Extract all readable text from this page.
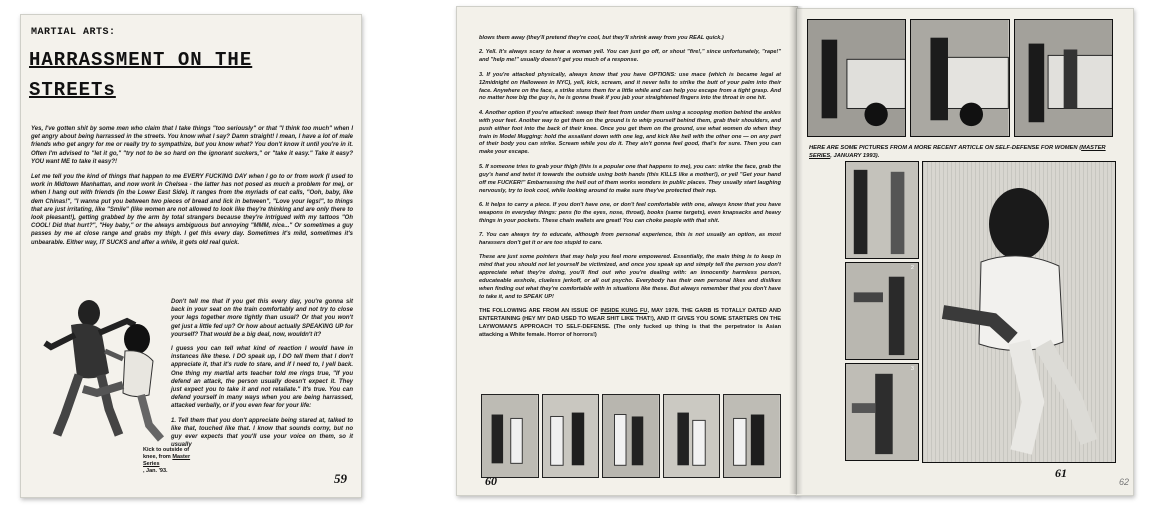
MARTIAL ARTS:
HARRASSMENT ON THE
STREETs

Yes, I've gotten shit by some men who claim that I take things "too seriously" or that "I think too much" when I get angry about being harrassed in the streets. You know what I say? Damn straight! I mean, I have a lot of male friends who get angry for me or really try to sympathize, but you know what? You don't know it until you're in it. Often I'm advised to "let it go," "try not to be so hard on the ignorant suckers," or "take it easy." Take it easy? YOU want ME to take it easy?!

Let me tell you the kind of things that happen to me EVERY FUCKING DAY when I go to or from work (I used to work in Midtown Manhattan, and now work in Chelsea - the latter has not posed as much a problem for me), or when I hang out with friends (in the Lower East Side). It ranges from the myriads of cat calls, "Ooh, baby, like dem Chinas!", "I wanna put you between two pieces of bread and lick in between", "Love your legs!", to things that are just irritating, like "Smile" (like women are not allowed to look like they're thinking and are only there to look pleasant!), getting grabbed by the arm by total strangers because they're intrigued with my tattoos "Oh COOL! Did that hurt?", "Hey baby," or the always ambiguous but annoying "MMM, nice..." Or sometimes a guy passes by me at close range and grabs my thigh. I get this every day. Sometimes it's mild, sometimes it's unbearable. Either way, IT SUCKS and after a while, it gets old real quick.

Kick to outside of
knee, from Master Series
, Jan. '93.

Don't tell me that if you get this every day, you're gonna sit back in your seat on the train comfortably and not try to close your legs together more tightly than usual? Or that you won't get just a little fed up? Or how about actually SPEAKING UP for yourself? That would be a big deal, now, wouldn't it?

I guess you can tell what kind of reaction I would have in instances like these. I DO speak up, I DO tell them that I don't appreciate it, that it's rude to stare, and if I need to, I yell back. One thing my martial arts teacher told me rings true, "If you defend an attack, the person usually doesn't expect it. They just expect you to take it and not retaliate." It's true. You can defend yourself in many ways when you are being harrassed, attacked verbally, or if you even fear for your life:

1. Tell them that you don't appreciate being stared at, talked to like that, touched like that. I know that sounds corny, but no guy ever expects that you'll use your voice on them, so it usually

59

blows them away (they'll pretend they're cool, but they'll shrink away from you REAL quick.)

2. Yell. It's always scary to hear a woman yell. You can just go off, or shout "fire!," since unfortunately, "rape!" and "help me!" usually doesn't get you much of a response.

3. If you're attacked physically, always know that you have OPTIONS: use mace (which is became legal at 12midnight on Halloween in NYC), yell, kick, scream, and it never tells to strike the butt of your palm into their face. Anywhere on the face, a strike stuns them for a little while and can help you escape from a tight grasp. And no matter how big the guy is, he is gonna freak if you jab your straightened fingers into the throat in one hit.

4. Another option if you're attacked: sweep their feet from under them using a scooping motion behind the ankles with your feet. Another way to get them on the ground is to whip yourself behind them, grab their shoulders, and push either foot into the back of their knee. Once you get them on the ground, use what women do when they train in Model Mugging: hold the assailant down with one leg, and kick like hell with the other one — on any part of their body you can strike. Scream while you do it. They ain't gonna feel good, that's for sure. Then you can make your escape.

5. If someone tries to grab your thigh (this is a popular one that happens to me), you can: strike the face, grab the guy's hand and twist it towards the outside using both hands (this KILLS like a mother!), or yell "Get your hand off me FUCKER!" Embarrassing the hell out of them works wonders in public places. They usually start laughing nervously, try to look cool, while looking around to make sure they've protected their rep.

6. It helps to carry a piece. If you don't have one, or don't feel comfortable with one, always know that you have weapons in everyday things: pens (to the eyes, nose, throat), books (same targets), even knapsacks and heavy things in your pockets. These chain wallets are great! You can choke people with that shit.

7. You can always try to educate, although from personal experience, this is not usually an option, as most harassers don't get it or are too stupid to care.

These are just some pointers that may help you feel more empowered. Essentially, the main thing is to keep in mind that you should not let yourself be victimized, and once you speak up and simply tell the person you don't appreciate what they're doing, you'll find out who you're dealing with: an innocently harmless person, educateable asshole, clueless jerkoff, or all out psycho. Everybody has their own personal likes and dislikes when finding out what they're comfortable with in situations like these. But always remember that you don't have to take it, and to SPEAK UP!

THE FOLLOWING ARE FROM AN ISSUE OF INSIDE KUNG FU, MAY 1978. THE GARB IS TOTALLY DATED AND ENTERTAINING (HEY MY DAD USED TO WEAR SHIT LIKE THAT!), AND IT GIVES YOU SOME STARTERS ON THE LAYWOMAN'S APPROACH TO SELF-DEFENSE. (The only fucked up thing is that the perpetrator is Asian attacking a White female. Horror of horrors!)

60
HERE ARE SOME PICTURES FROM A MORE RECENT ARTICLE ON SELF-DEFENSE FOR WOMEN (MASTER SERIES, JANUARY 1993).
2
3
61
62
